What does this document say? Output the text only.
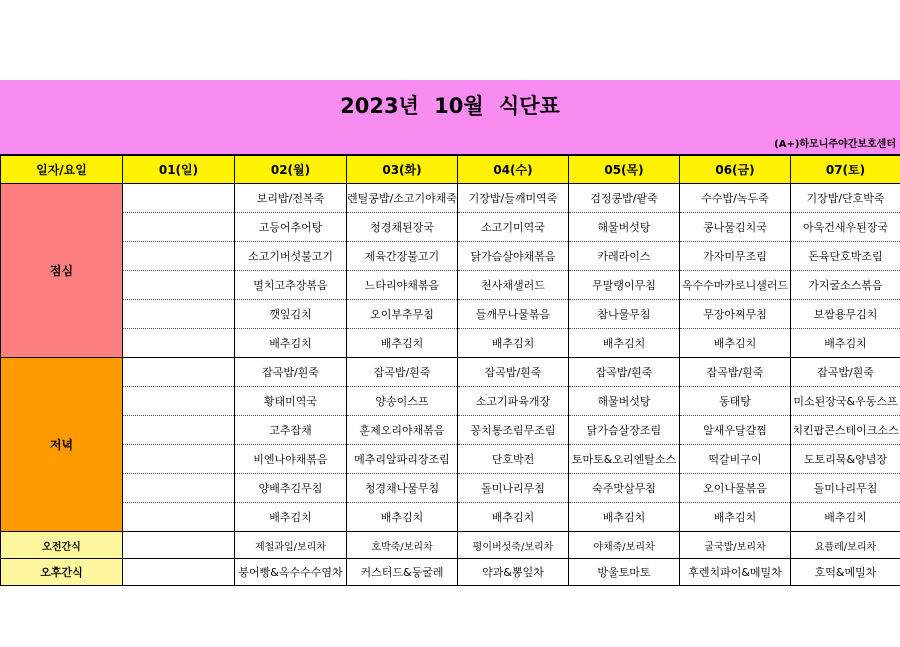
2023년 10월 식단표
(A+)하모니주야간보호센터
일자/요일	01(일)	02(월)	03(화)	04(수)	05(목)	06(금)	07(토)
점심		보리밥/전복죽	렌틸콩밥/소고기야채죽	기장밥/들깨미역죽	검정콩밥/팥죽	수수밥/녹두죽	기장밥/단호박죽
		고등어추어탕	청경채된장국	소고기미역국	해물버섯탕	콩나물김치국	아욱건새우된장국
		소고기버섯불고기	제육간장불고기	닭가슴살야채볶음	카레라이스	가자미무조림	돈육단호박조림
		멸치고추장볶음	느타리야채볶음	천사채샐러드	무말랭이무침	옥수수마카로니샐러드	가지굴소스볶음
		깻잎김치	오이부추무침	들깨무나물볶음	참나물무침	무장아찌무침	보쌈용무김치
		배추김치	배추김치	배추김치	배추김치	배추김치	배추김치
저녁		잡곡밥/흰죽	잡곡밥/흰죽	잡곡밥/흰죽	잡곡밥/흰죽	잡곡밥/흰죽	잡곡밥/흰죽
		황태미역국	양송이스프	소고기파육개장	해물버섯탕	동태탕	미소된장국&우동스프
		고추잡채	훈제오리야채볶음	꽁치통조림무조림	닭가슴살장조림	알새우달걀찜	치킨팝콘스테이크소스
		비엔나야채볶음	메추리알파리장조림	단호박전	토마토&오리엔탈소스	떡갈비구이	도토리묵&양념장
		양배추김무침	청경채나물무침	돌미나리무침	숙주맛살무침	오이나물볶음	돌미나리무침
		배추김치	배추김치	배추김치	배추김치	배추김치	배추김치
오전간식		제철과일/보리차	호박죽/보리차	평이버섯죽/보리차	야채죽/보리차	굴국밥/보리차	요플레/보리차
오후간식		붕어빵&옥수수수염차	커스터드&둥굴레	약과&뽕잎차	방울토마토	후렌치파이&메밀차	호떡&메밀차
